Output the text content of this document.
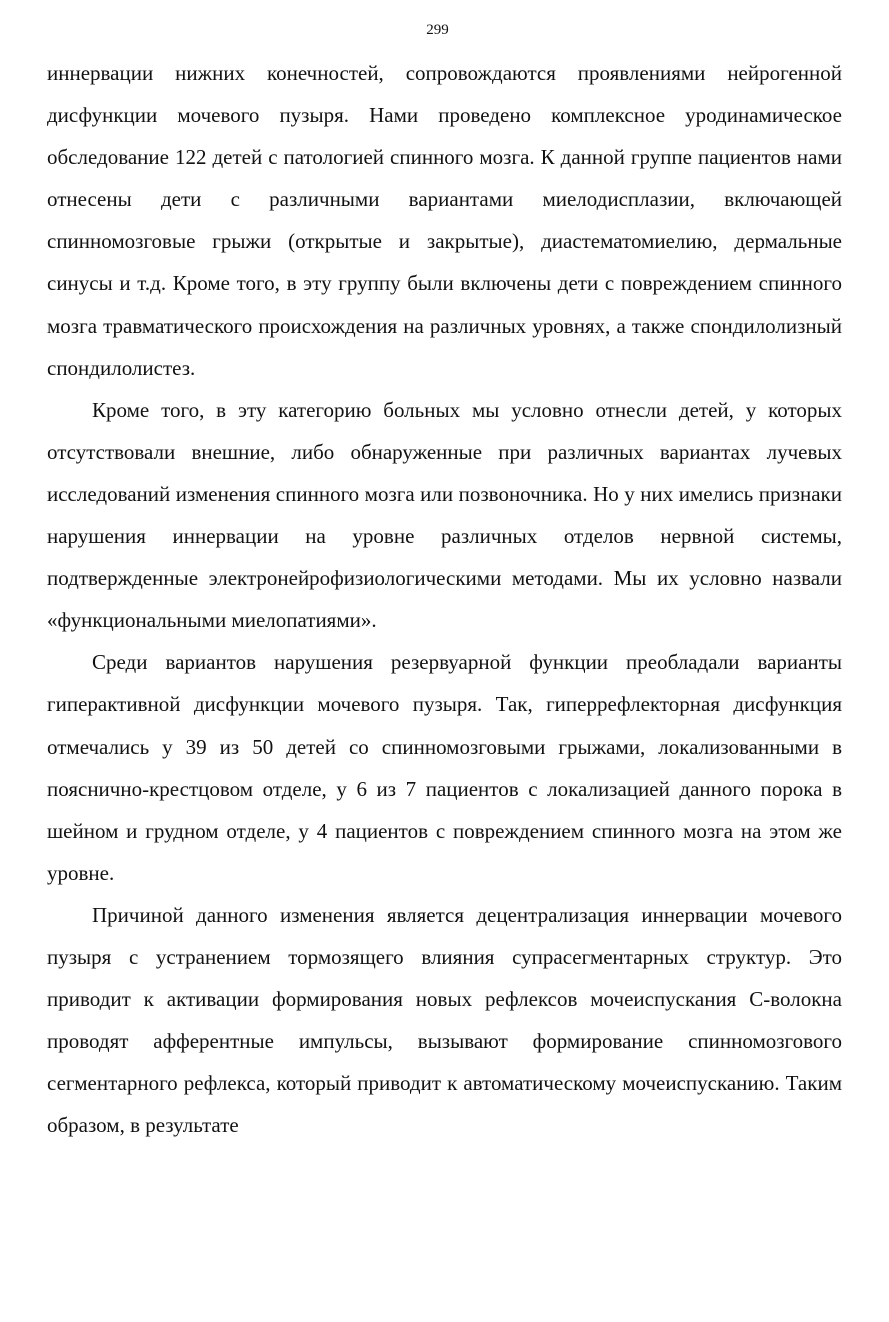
299

иннервации нижних конечностей, сопровождаются проявлениями нейрогенной дисфункции мочевого пузыря. Нами проведено комплексное уродинамическое обследование 122 детей с патологией спинного мозга. К данной группе пациентов нами отнесены дети с различными вариантами миелодисплазии, включающей спинномозговые грыжи (открытые и закрытые), диастематомиелию, дермальные синусы и т.д. Кроме того, в эту группу были включены дети с повреждением спинного мозга травматического происхождения на различных уровнях, а также спондилолизный спондилолистез.

Кроме того, в эту категорию больных мы условно отнесли детей, у которых отсутствовали внешние, либо обнаруженные при различных вариантах лучевых исследований изменения спинного мозга или позвоночника. Но у них имелись признаки нарушения иннервации на уровне различных отделов нервной системы, подтвержденные электронейрофизиологическими методами. Мы их условно назвали «функциональными миелопатиями».

Среди вариантов нарушения резервуарной функции преобладали варианты гиперактивной дисфункции мочевого пузыря. Так, гиперрефлекторная дисфункция отмечались у 39 из 50 детей со спинномозговыми грыжами, локализованными в пояснично-крестцовом отделе, у 6 из 7 пациентов с локализацией данного порока в шейном и грудном отделе, у 4 пациентов с повреждением спинного мозга на этом же уровне.

Причиной данного изменения является децентрализация иннервации мочевого пузыря с устранением тормозящего влияния супрасегментарных структур. Это приводит к активации формирования новых рефлексов мочеиспускания С-волокна проводят афферентные импульсы, вызывают формирование спинномозгового сегментарного рефлекса, который приводит к автоматическому мочеиспусканию. Таким образом, в результате
